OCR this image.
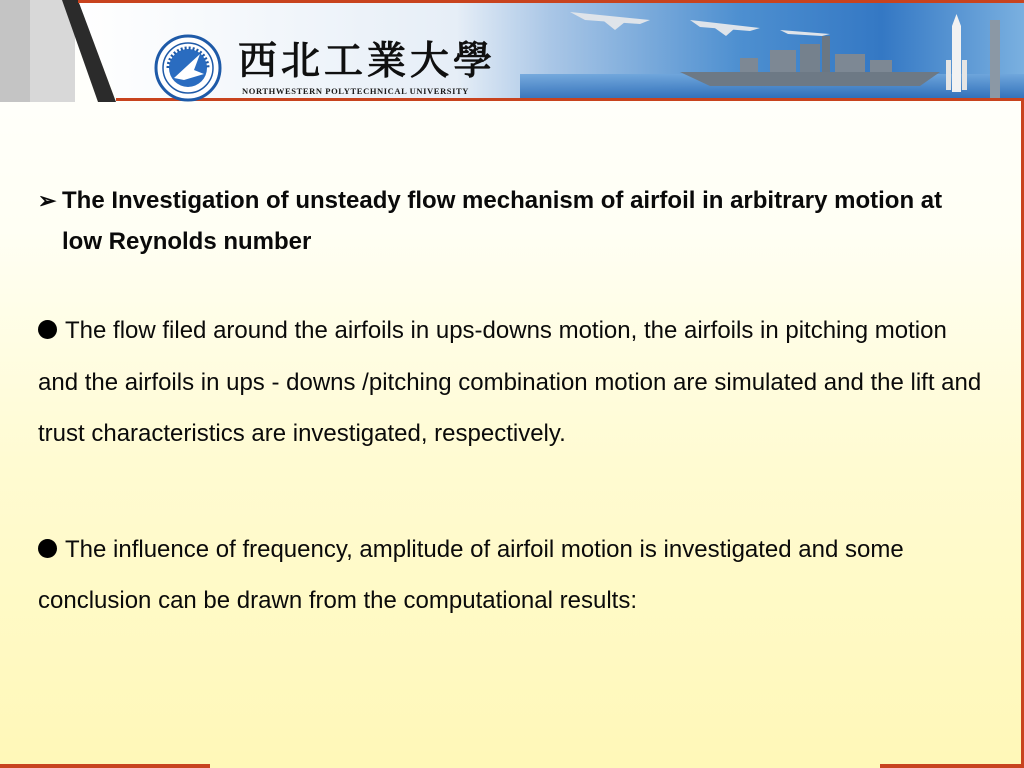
西北工業大學
NORTHWESTERN POLYTECHNICAL UNIVERSITY
➢ The Investigation of unsteady flow mechanism of airfoil in arbitrary motion at low Reynolds number
The flow filed around the airfoils in ups-downs motion, the airfoils in pitching motion and the airfoils in ups - downs /pitching combination motion are simulated and the lift and trust characteristics are investigated, respectively.
The influence of frequency, amplitude of airfoil motion is investigated and some conclusion can be drawn from the computational results:
